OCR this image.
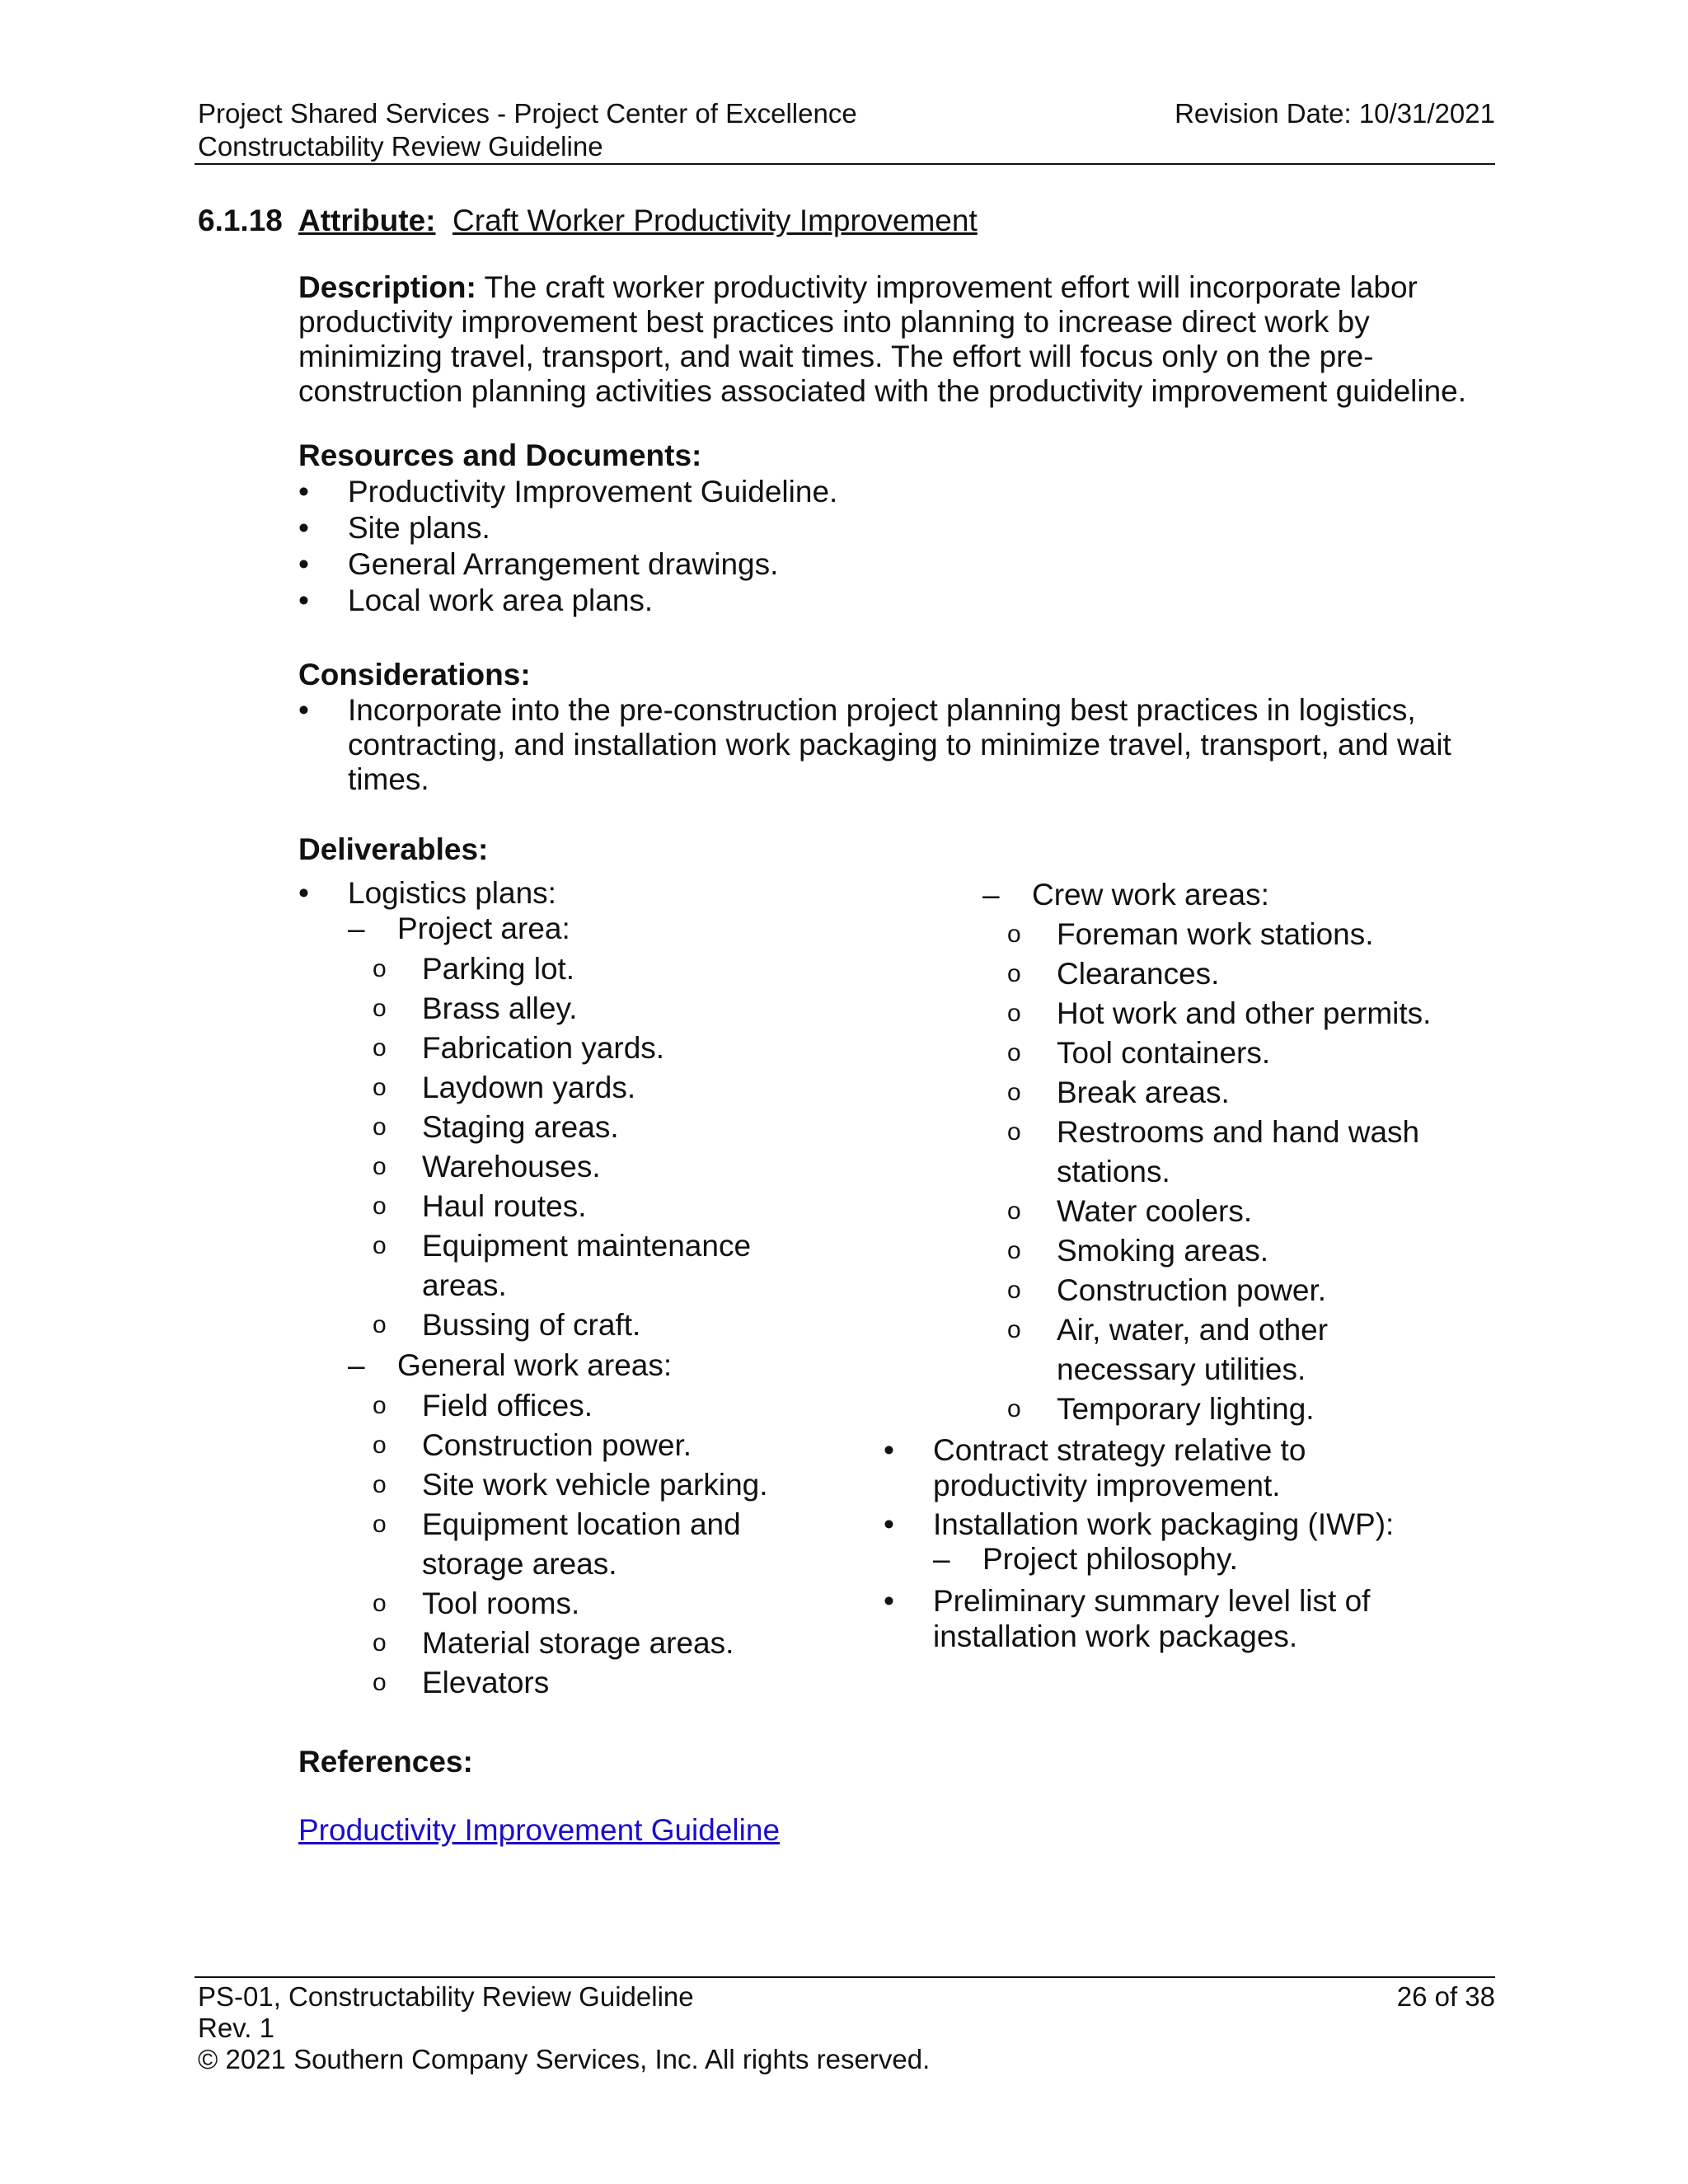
Project Shared Services - Project Center of Excellence
Constructability Review Guideline
Revision Date: 10/31/2021
6.1.18 Attribute: Craft Worker Productivity Improvement
Description: The craft worker productivity improvement effort will incorporate labor productivity improvement best practices into planning to increase direct work by minimizing travel, transport, and wait times. The effort will focus only on the pre-construction planning activities associated with the productivity improvement guideline.
Resources and Documents:
• Productivity Improvement Guideline.
• Site plans.
• General Arrangement drawings.
• Local work area plans.
Considerations:
• Incorporate into the pre-construction project planning best practices in logistics, contracting, and installation work packaging to minimize travel, transport, and wait times.
Deliverables:
• Logistics plans:
– Project area:
o Parking lot.
o Brass alley.
o Fabrication yards.
o Laydown yards.
o Staging areas.
o Warehouses.
o Haul routes.
o Equipment maintenance areas.
o Bussing of craft.
– General work areas:
o Field offices.
o Construction power.
o Site work vehicle parking.
o Equipment location and storage areas.
o Tool rooms.
o Material storage areas.
o Elevators
– Crew work areas:
o Foreman work stations.
o Clearances.
o Hot work and other permits.
o Tool containers.
o Break areas.
o Restrooms and hand wash stations.
o Water coolers.
o Smoking areas.
o Construction power.
o Air, water, and other necessary utilities.
o Temporary lighting.
• Contract strategy relative to productivity improvement.
• Installation work packaging (IWP):
– Project philosophy.
• Preliminary summary level list of installation work packages.
References:
Productivity Improvement Guideline
PS-01, Constructability Review Guideline
Rev. 1
© 2021 Southern Company Services, Inc. All rights reserved.
26 of 38
